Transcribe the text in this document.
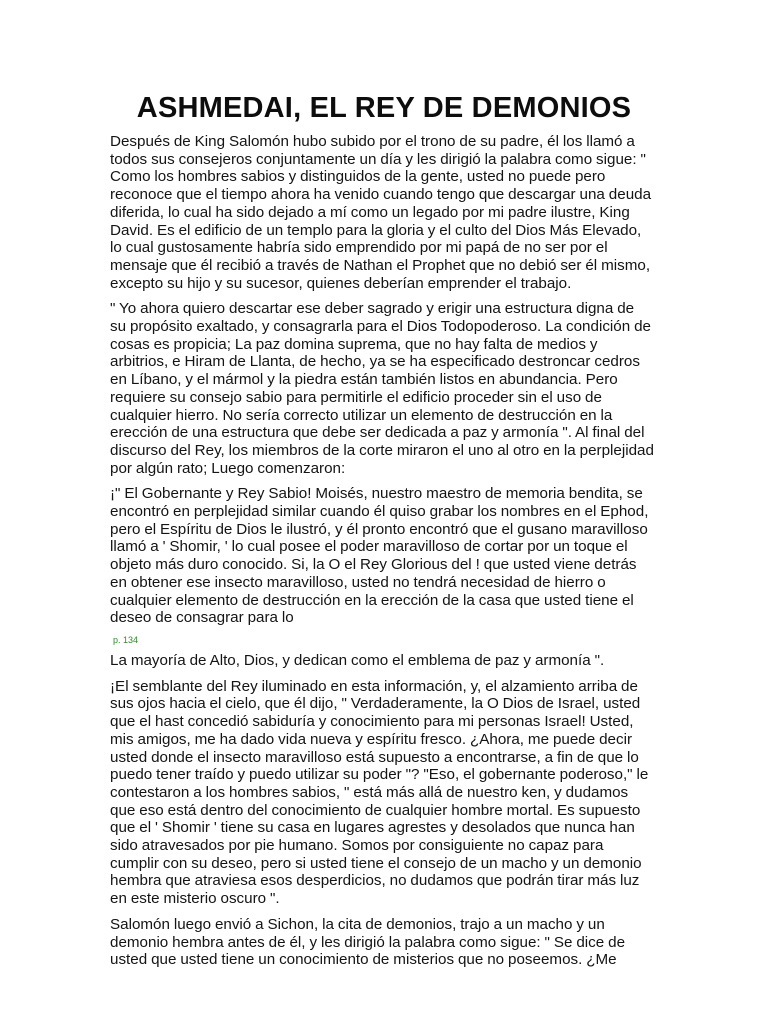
ASHMEDAI, EL REY DE DEMONIOS

Después de King Salomón hubo subido por el trono de su padre, él los llamó a todos sus consejeros conjuntamente un día y les dirigió la palabra como sigue: " Como los hombres sabios y distinguidos de la gente, usted no puede pero reconoce que el tiempo ahora ha venido cuando tengo que descargar una deuda diferida, lo cual ha sido dejado a mí como un legado por mi padre ilustre, King David. Es el edificio de un templo para la gloria y el culto del Dios Más Elevado, lo cual gustosamente habría sido emprendido por mi papá de no ser por el mensaje que él recibió a través de Nathan el Prophet que no debió ser él mismo, excepto su hijo y su sucesor, quienes deberían emprender el trabajo.

" Yo ahora quiero descartar ese deber sagrado y erigir una estructura digna de su propósito exaltado, y consagrarla para el Dios Todopoderoso. La condición de cosas es propicia; La paz domina suprema, que no hay falta de medios y arbitrios, e Hiram de Llanta, de hecho, ya se ha especificado destroncar cedros en Líbano, y el mármol y la piedra están también listos en abundancia. Pero requiere su consejo sabio para permitirle el edificio proceder sin el uso de cualquier hierro. No sería correcto utilizar un elemento de destrucción en la erección de una estructura que debe ser dedicada a paz y armonía ". Al final del discurso del Rey, los miembros de la corte miraron el uno al otro en la perplejidad por algún rato; Luego comenzaron:

¡" El Gobernante y Rey Sabio! Moisés, nuestro maestro de memoria bendita, se encontró en perplejidad similar cuando él quiso grabar los nombres en el Ephod, pero el Espíritu de Dios le ilustró, y él pronto encontró que el gusano maravilloso llamó a ' Shomir, ' lo cual posee el poder maravilloso de cortar por un toque el objeto más duro conocido. Si, la O el Rey Glorious del ! que usted viene detrás en obtener ese insecto maravilloso, usted no tendrá necesidad de hierro o cualquier elemento de destrucción en la erección de la casa que usted tiene el deseo de consagrar para lo

p. 134

La mayoría de Alto, Dios, y dedican como el emblema de paz y armonía ".

¡El semblante del Rey iluminado en esta información, y, el alzamiento arriba de sus ojos hacia el cielo, que él dijo, " Verdaderamente, la O Dios de Israel, usted que el hast concedió sabiduría y conocimiento para mi personas Israel! Usted, mis amigos, me ha dado vida nueva y espíritu fresco. ¿Ahora, me puede decir usted donde el insecto maravilloso está supuesto a encontrarse, a fin de que lo puedo tener traído y puedo utilizar su poder "? "Eso, el gobernante poderoso," le contestaron a los hombres sabios, " está más allá de nuestro ken, y dudamos que eso está dentro del conocimiento de cualquier hombre mortal. Es supuesto que el ' Shomir ' tiene su casa en lugares agrestes y desolados que nunca han sido atravesados por pie humano. Somos por consiguiente no capaz para cumplir con su deseo, pero si usted tiene el consejo de un macho y un demonio hembra que atraviesa esos desperdicios, no dudamos que podrán tirar más luz en este misterio oscuro ".

Salomón luego envió a Sichon, la cita de demonios, trajo a un macho y un demonio hembra antes de él, y les dirigió la palabra como sigue: " Se dice de usted que usted tiene un conocimiento de misterios que no poseemos. ¿Me
